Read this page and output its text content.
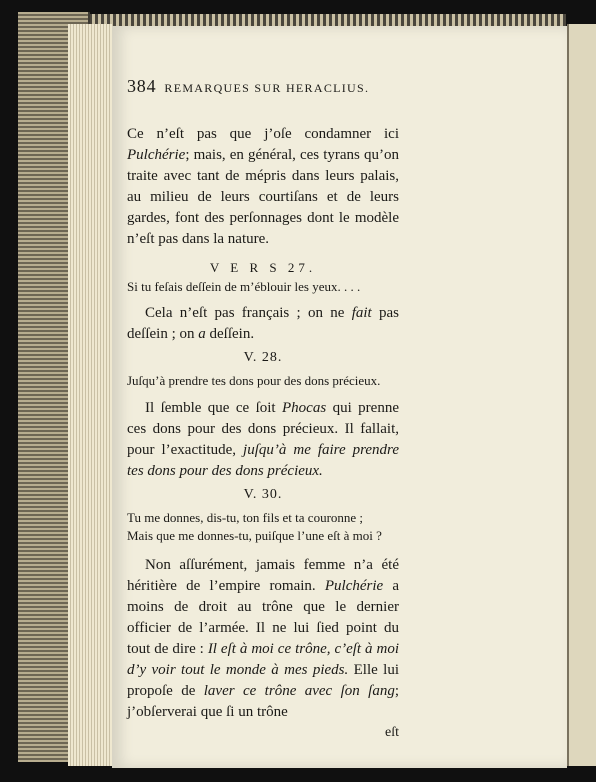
384 REMARQUES SUR HERACLIUS.

Ce n’eſt pas que j’oſe condamner ici Pulchérie; mais, en général, ces tyrans qu’on traite avec tant de mépris dans leurs palais, au milieu de leurs courtiſans et de leurs gardes, font des perſonnages dont le modèle n’eſt pas dans la nature.

V E R S 27.

Si tu feſais deſſein de m’éblouir les yeux. . . .

Cela n’eſt pas français ; on ne fait pas deſſein ; on a deſſein.

V. 28.

Juſqu’à prendre tes dons pour des dons précieux.

Il ſemble que ce ſoit Phocas qui prenne ces dons pour des dons précieux. Il fallait, pour l’exactitude, juſqu’à me faire prendre tes dons pour des dons précieux.

V. 30.

Tu me donnes, dis-tu, ton fils et ta couronne ;

Mais que me donnes-tu, puiſque l’une eſt à moi ?

Non aſſurément, jamais femme n’a été héritière de l’empire romain. Pulchérie a moins de droit au trône que le dernier officier de l’armée. Il ne lui ſied point du tout de dire : Il eſt à moi ce trône, c’eſt à moi d’y voir tout le monde à mes pieds. Elle lui propoſe de laver ce trône avec ſon ſang; j’obſerverai que ſi un trône

eſt
